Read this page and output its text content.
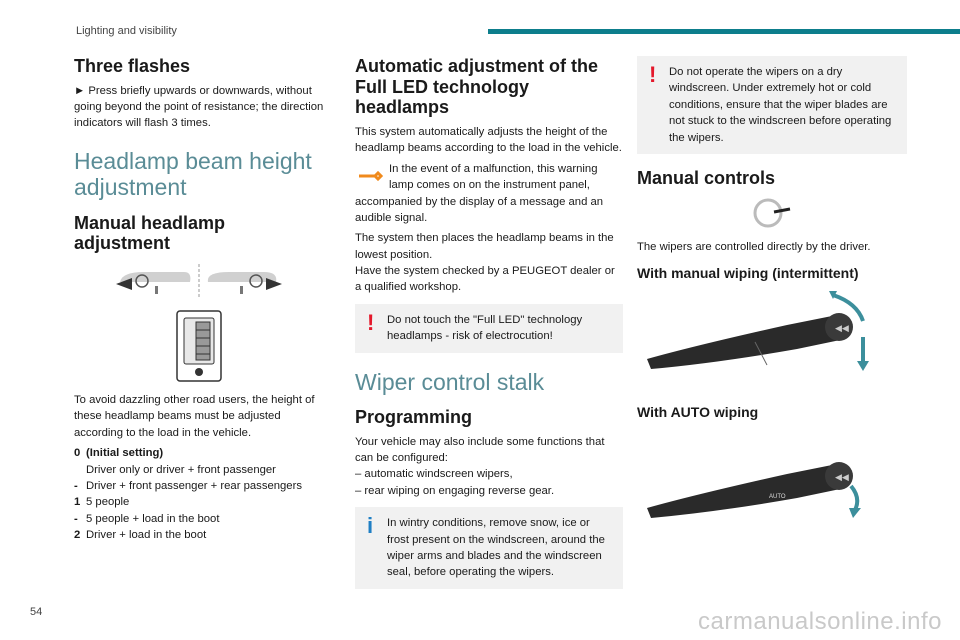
Lighting and visibility
Three flashes

► Press briefly upwards or downwards, without going beyond the point of resistance; the direction indicators will flash 3 times.

Headlamp beam height adjustment
Manual headlamp adjustment

To avoid dazzling other road users, the height of these headlamp beams must be adjusted according to the load in the vehicle.

0 (Initial setting)
Driver only or driver + front passenger
- Driver + front passenger + rear passengers
1 5 people
- 5 people + load in the boot
2 Driver + load in the boot
Automatic adjustment of the Full LED technology headlamps

This system automatically adjusts the height of the headlamp beams according to the load in the vehicle.

In the event of a malfunction, this warning lamp comes on on the instrument panel, accompanied by the display of a message and an audible signal.

The system then places the headlamp beams in the lowest position.

Have the system checked by a PEUGEOT dealer or a qualified workshop.

!	Do not touch the "Full LED" technology headlamps - risk of electrocution!
Wiper control stalk
Programming

Your vehicle may also include some functions that can be configured:

– automatic windscreen wipers,

– rear wiping on engaging reverse gear.

i	In wintry conditions, remove snow, ice or frost present on the windscreen, around the wiper arms and blades and the windscreen seal, before operating the wipers.
!	Do not operate the wipers on a dry windscreen. Under extremely hot or cold conditions, ensure that the wiper blades are not stuck to the windscreen before operating the wipers.
Manual controls

The wipers are controlled directly by the driver.

With manual wiping (intermittent)
◀◀
With AUTO wiping
◀◀
AUTO
54	carmanualsonline.info
